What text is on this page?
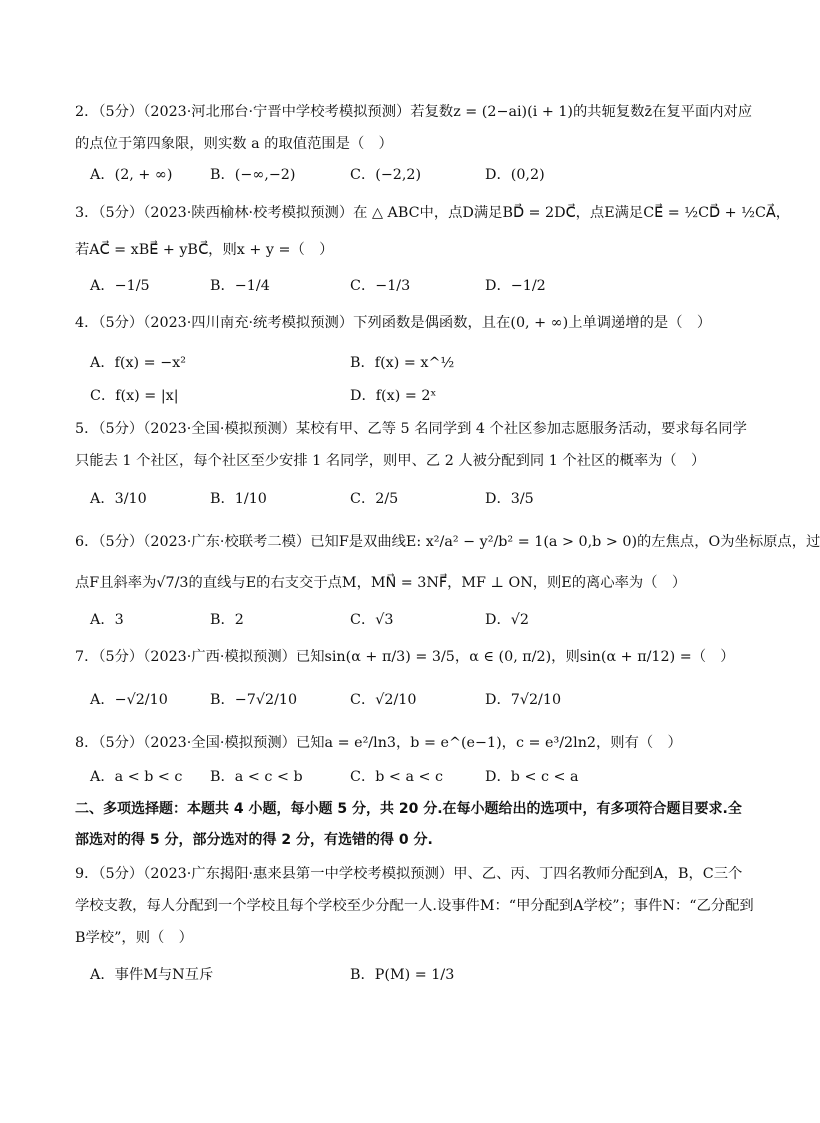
2．（5分）（2023·河北邢台·宁晋中学校考模拟预测）若复数z = (2−ai)(i + 1)的共轭复数z̄在复平面内对应
的点位于第四象限，则实数 a 的取值范围是（　）
A．(2, + ∞)	B．(−∞,−2)	C．(−2,2)	D．(0,2)
3．（5分）（2023·陕西榆林·校考模拟预测）在 △ ABC中，点D满足BD⃗ = 2DC⃗，点E满足CE⃗ = ½CD⃗ + ½CA⃗，
若AC⃗ = xBE⃗ + yBC⃗，则x + y =（　）
A．−1/5	B．−1/4	C．−1/3	D．−1/2
4．（5分）（2023·四川南充·统考模拟预测）下列函数是偶函数，且在(0, + ∞)上单调递增的是（　）
A．f(x) = −x²	B．f(x) = x^½
C．f(x) = |x|	D．f(x) = 2ˣ
5．（5分）（2023·全国·模拟预测）某校有甲、乙等 5 名同学到 4 个社区参加志愿服务活动，要求每名同学
只能去 1 个社区，每个社区至少安排 1 名同学，则甲、乙 2 人被分配到同 1 个社区的概率为（　）
A．3/10	B．1/10	C．2/5	D．3/5
6．（5分）（2023·广东·校联考二模）已知F是双曲线E: x²/a² − y²/b² = 1(a > 0,b > 0)的左焦点，O为坐标原点，过
点F且斜率为√7/3的直线与E的右支交于点M，MN⃗ = 3NF⃗，MF ⊥ ON，则E的离心率为（　）
A．3	B．2	C．√3	D．√2
7．（5分）（2023·广西·模拟预测）已知sin(α + π/3) = 3/5，α ∈ (0, π/2)，则sin(α + π/12) =（　）
A．−√2/10	B．−7√2/10	C．√2/10	D．7√2/10
8．（5分）（2023·全国·模拟预测）已知a = e²/ln3，b = e^(e−1)，c = e³/2ln2，则有（　）
A．a < b < c B．a < c < b	C．b < a < c	D．b < c < a
二、多项选择题：本题共 4 小题，每小题 5 分，共 20 分.在每小题给出的选项中，有多项符合题目要求.全
部选对的得 5 分，部分选对的得 2 分，有选错的得 0 分.
9．（5分）（2023·广东揭阳·惠来县第一中学校考模拟预测）甲、乙、丙、丁四名教师分配到A，B，C三个
学校支教，每人分配到一个学校且每个学校至少分配一人.设事件M：“甲分配到A学校”；事件N：“乙分配到
B学校”，则（　）
A．事件M与N互斥	B．P(M) = 1/3
